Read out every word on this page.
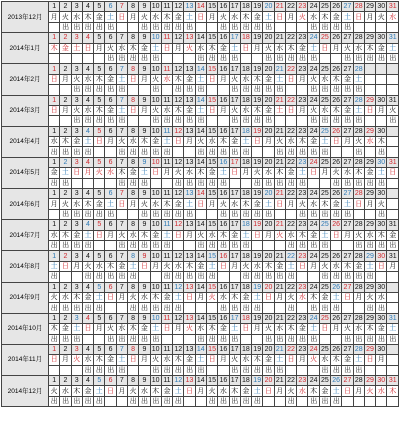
2013年12月	1	2	3	4	5	6	7	8	9	10	11	12	13	14	15	16	17	18	19	20	21	22	23	24	25	26	27	28	29	30	31
	月	火	水	木	金	土	日	月	火	水	木	金	土	日	月	火	水	木	金	土	日	月	火	水	木	金	土	日	月	火	水
		出	出	出	出	出			出	出	出	出	出			出	出	出	出	出				出	出	出	出				
2014年1月	1	2	3	4	5	6	7	8	9	10	11	12	13	14	15	16	17	18	19	20	21	22	23	24	25	26	27	28	29	30	31
	木	金	土	日	月	火	水	木	金	土	日	月	火	水	木	金	土	日	月	火	水	木	金	土	日	月	火	水	木	金	土
						出	出	出	出	出				出	出	出	出			出	出	出	出	出			出	出	出	出	出
2014年2月	1	2	3	4	5	6	7	8	9	10	11	12	13	14	15	16	17	18	19	20	21	22	23	24	25	26	27	28			
	日	月	火	水	木	金	土	日	月	火	水	木	金	土	日	月	火	水	木	金	土	日	月	火	水	木	金	土			
			出	出	出	出	出			出		出	出	出			出	出	出	出	出			出	出	出	出	出			
2014年3月	1	2	3	4	5	6	7	8	9	10	11	12	13	14	15	16	17	18	19	20	21	22	23	24	25	26	27	28	29	30	31
	日	月	火	水	木	金	土	日	月	火	水	木	金	土	日	月	火	水	木	金	土	日	月	火	水	木	金	土	日	月	火
			出	出	出	出	出			出	出	出	出	出			出	出	出	出				出	出	出	出	出			出
2014年4月	1	2	3	4	5	6	7	8	9	10	11	12	13	14	15	16	17	18	19	20	21	22	23	24	25	26	27	28	29	30	
	水	木	金	土	日	月	火	水	木	金	土	日	月	火	水	木	金	土	日	月	火	水	木	金	土	日	月	火	水	木	
	出	出	出	出			出	出	出	出	出			出	出	出	出	出			出	出	出	出	出			出		出	
2014年5月	1	2	3	4	5	6	7	8	9	10	11	12	13	14	15	16	17	18	19	20	21	22	23	24	25	26	27	28	29	30	31
	金	土	日	月	火	水	木	金	土	日	月	火	水	木	金	土	日	月	火	水	木	金	土	日	月	火	水	木	金	土	日
	出	出					出	出	出			出	出	出	出	出			出	出	出	出	出			出	出	出	出	出	
2014年6月	1	2	3	4	5	6	7	8	9	10	11	12	13	14	15	16	17	18	19	20	21	22	23	24	25	26	27	28	29	30	
	月	火	水	木	金	土	日	月	火	水	木	金	土	日	月	火	水	木	金	土	日	月	火	水	木	金	土	日	月	火	
		出	出	出	出	出			出	出	出	出	出			出	出	出	出	出			出	出	出	出	出			出	
2014年7月	1	2	3	4	5	6	7	8	9	10	11	12	13	14	15	16	17	18	19	20	21	22	23	24	25	26	27	28	29	30	31
	水	木	金	土	日	月	火	水	木	金	土	日	月	火	水	木	金	土	日	月	火	水	木	金	土	日	月	火	水	木	金
	出	出	出	出			出	出	出	出	出			出	出	出	出	出				出	出	出	出			出	出	出	出
2014年8月	1	2	3	4	5	6	7	8	9	10	11	12	13	14	15	16	17	18	19	20	21	22	23	24	25	26	27	28	29	30	31
	土	日	月	火	水	木	金	土	日	月	火	水	木	金	土	日	月	火	水	木	金	土	日	月	火	水	木	金	土	日	月
	出			出	出	出	出	出			出	出	出	出	出			出	出	出	出	出			出	出	出	出	出		
2014年9月	1	2	3	4	5	6	7	8	9	10	11	12	13	14	15	16	17	18	19	20	21	22	23	24	25	26	27	28	29	30	
	火	水	木	金	土	日	月	火	水	木	金	土	日	月	火	水	木	金	土	日	月	火	水	木	金	土	日	月	火	水	
	出	出	出	出	出			出	出	出	出	出				出	出	出	出			出		出	出	出			出	出	
2014年10月	1	2	3	4	5	6	7	8	9	10	11	12	13	14	15	16	17	18	19	20	21	22	23	24	25	26	27	28	29	30	31
	木	金	土	日	月	火	水	木	金	土	日	月	火	水	木	金	土	日	月	火	水	木	金	土	日	月	火	水	木	金	土
	出	出	出			出	出	出	出	出				出	出	出	出			出	出	出	出	出			出	出	出	出	出
2014年11月	1	2	3	4	5	6	7	8	9	10	11	12	13	14	15	16	17	18	19	20	21	22	23	24	25	26	27	28	29	30	
	日	月	火	水	木	金	土	日	月	火	水	木	金	土	日	月	火	水	木	金	土	日	月	火	水	木	金	土	日	月	
				出	出	出	出			出	出	出	出	出			出	出	出	出	出				出	出	出	出			
2014年12月	1	2	3	4	5	6	7	8	9	10	11	12	13	14	15	16	17	18	19	20	21	22	23	24	25	26	27	28	29	30	31
	火	水	木	金	土	日	月	火	水	木	金	土	日	月	火	水	木	金	土	日	月	火	水	木	金	土	日	月	火	水	木
	出	出	出	出	出			出	出	出	出	出			出	出	出	出	出			出		出	出	出					
